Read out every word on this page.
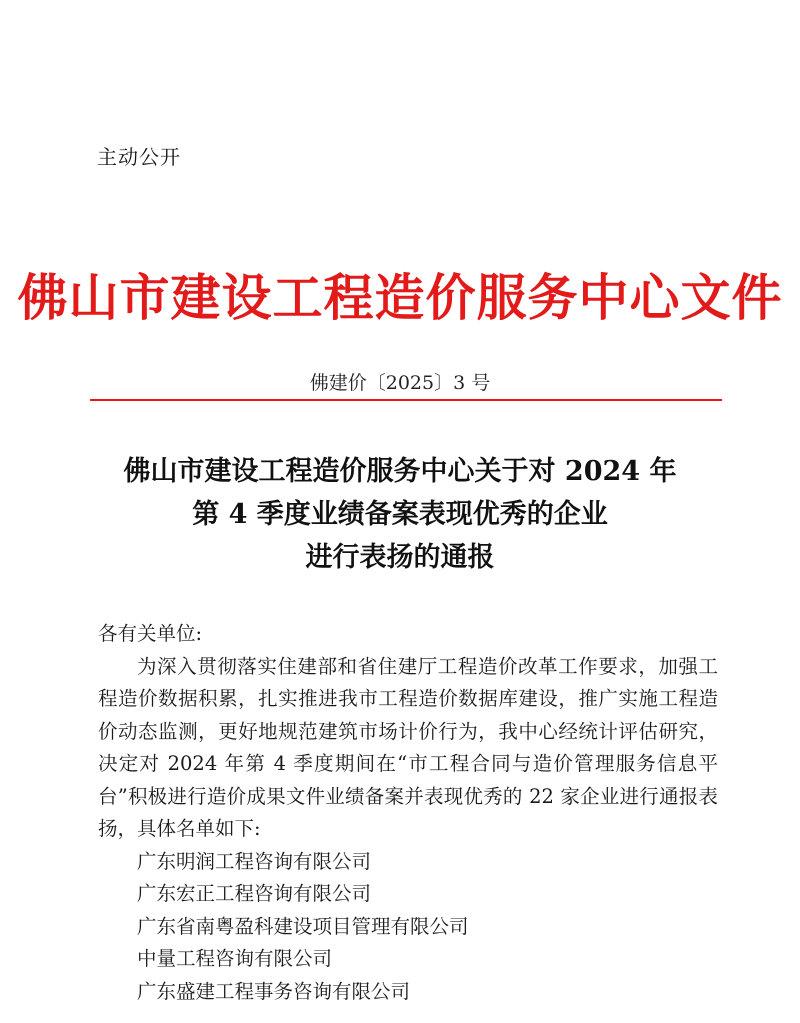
主动公开
佛山市建设工程造价服务中心文件
佛建价〔2025〕3 号
佛山市建设工程造价服务中心关于对 2024 年
第 4 季度业绩备案表现优秀的企业
进行表扬的通报
各有关单位:

为深入贯彻落实住建部和省住建厅工程造价改革工作要求，加强工程造价数据积累，扎实推进我市工程造价数据库建设，推广实施工程造价动态监测，更好地规范建筑市场计价行为，我中心经统计评估研究，决定对 2024 年第 4 季度期间在“市工程合同与造价管理服务信息平台”积极进行造价成果文件业绩备案并表现优秀的 22 家企业进行通报表扬，具体名单如下:

广东明润工程咨询有限公司
广东宏正工程咨询有限公司
广东省南粤盈科建设项目管理有限公司
中量工程咨询有限公司
广东盛建工程事务咨询有限公司
